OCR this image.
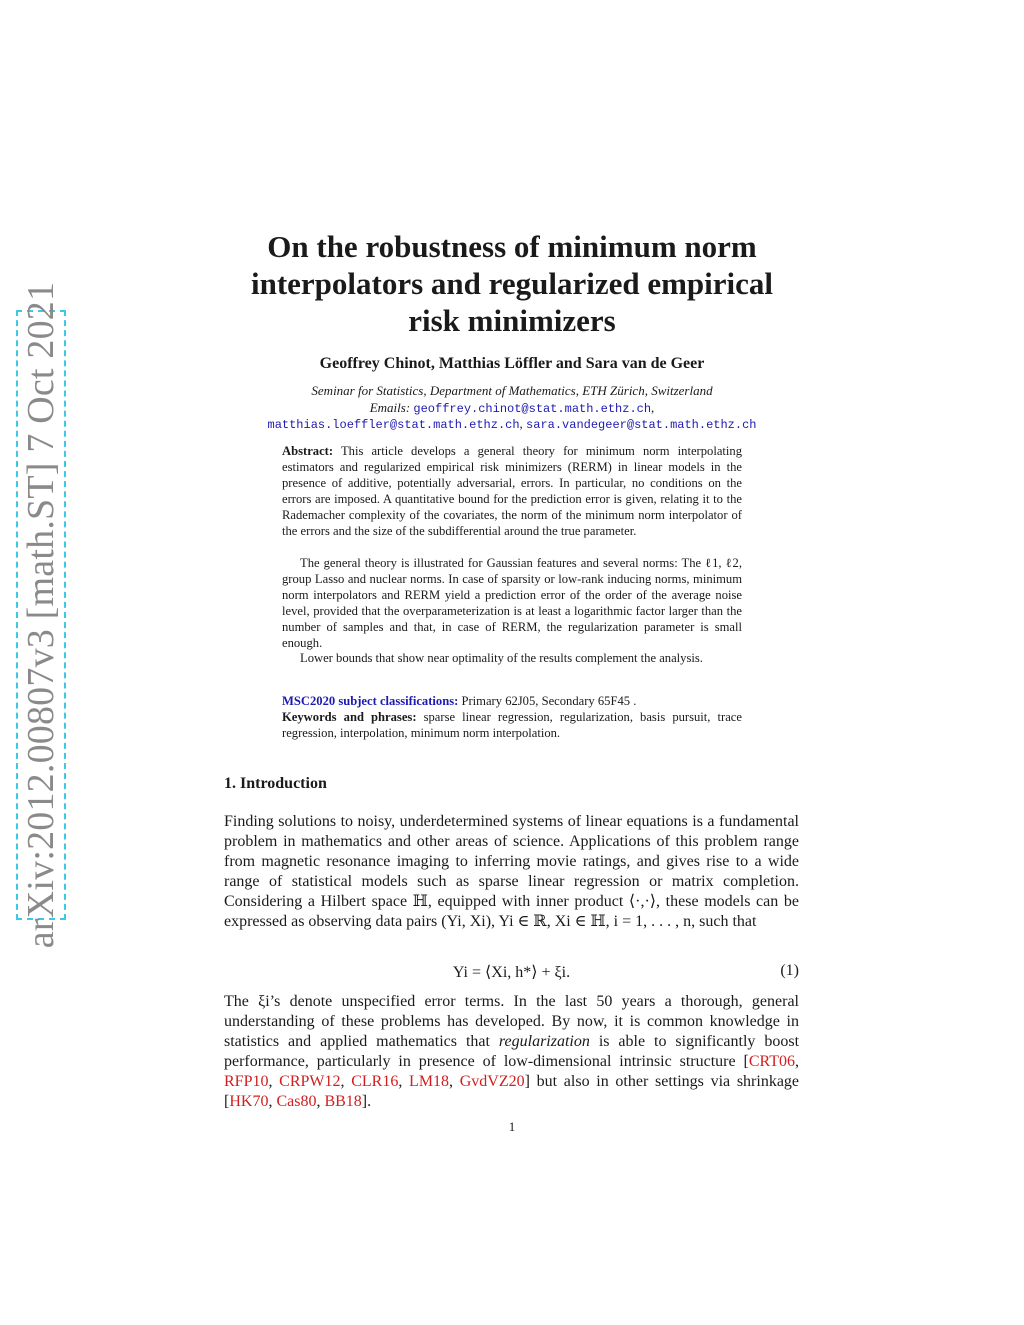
arXiv:2012.00807v3 [math.ST] 7 Oct 2021
On the robustness of minimum norm
interpolators and regularized empirical
risk minimizers
Geoffrey Chinot, Matthias Löffler and Sara van de Geer
Seminar for Statistics, Department of Mathematics, ETH Zürich, Switzerland
Emails: geoffrey.chinot@stat.math.ethz.ch,
matthias.loeffler@stat.math.ethz.ch, sara.vandegeer@stat.math.ethz.ch
Abstract: This article develops a general theory for minimum norm interpolating estimators and regularized empirical risk minimizers (RERM) in linear models in the presence of additive, potentially adversarial, errors. In particular, no conditions on the errors are imposed. A quantitative bound for the prediction error is given, relating it to the Rademacher complexity of the covariates, the norm of the minimum norm interpolator of the errors and the size of the subdifferential around the true parameter.
The general theory is illustrated for Gaussian features and several norms: The ℓ1, ℓ2, group Lasso and nuclear norms. In case of sparsity or low-rank inducing norms, minimum norm interpolators and RERM yield a prediction error of the order of the average noise level, provided that the overparameterization is at least a logarithmic factor larger than the number of samples and that, in case of RERM, the regularization parameter is small enough.
Lower bounds that show near optimality of the results complement the analysis.
MSC2020 subject classifications: Primary 62J05, Secondary 65F45 .
Keywords and phrases: sparse linear regression, regularization, basis pursuit, trace regression, interpolation, minimum norm interpolation.
1. Introduction
Finding solutions to noisy, underdetermined systems of linear equations is a fundamental problem in mathematics and other areas of science. Applications of this problem range from magnetic resonance imaging to inferring movie ratings, and gives rise to a wide range of statistical models such as sparse linear regression or matrix completion. Considering a Hilbert space ℍ, equipped with inner product ⟨·,·⟩, these models can be expressed as observing data pairs (Yi, Xi), Yi ∈ ℝ, Xi ∈ ℍ, i = 1, . . . , n, such that
Yi = ⟨Xi, h*⟩ + ξi.	(1)
The ξi’s denote unspecified error terms. In the last 50 years a thorough, general understanding of these problems has developed. By now, it is common knowledge in statistics and applied mathematics that regularization is able to significantly boost performance, particularly in presence of low-dimensional intrinsic structure [CRT06, RFP10, CRPW12, CLR16, LM18, GvdVZ20] but also in other settings via shrinkage [HK70, Cas80, BB18].
1
